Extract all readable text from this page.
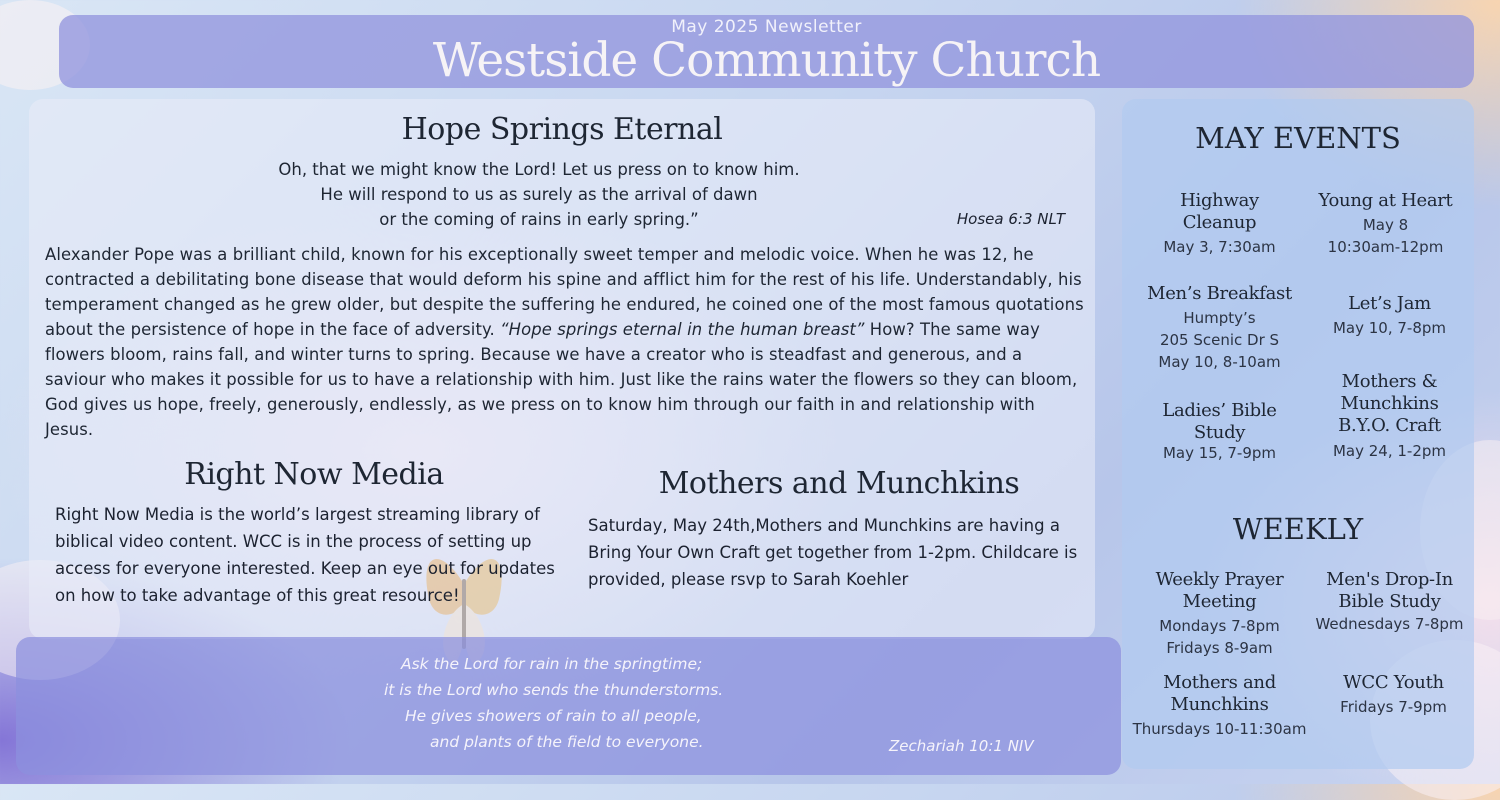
May 2025 Newsletter
Westside Community Church
Hope Springs Eternal
Oh, that we might know the Lord! Let us press on to know him.
He will respond to us as surely as the arrival of dawn
or the coming of rains in early spring.”	Hosea 6:3 NLT
Alexander Pope was a brilliant child, known for his exceptionally sweet temper and melodic voice. When he was 12, he contracted a debilitating bone disease that would deform his spine and afflict him for the rest of his life. Understandably, his temperament changed as he grew older, but despite the suffering he endured, he coined one of the most famous quotations about the persistence of hope in the face of adversity. “Hope springs eternal in the human breast” How? The same way flowers bloom, rains fall, and winter turns to spring. Because we have a creator who is steadfast and generous, and a saviour who makes it possible for us to have a relationship with him. Just like the rains water the flowers so they can bloom, God gives us hope, freely, generously, endlessly, as we press on to know him through our faith in and relationship with Jesus.
Right Now Media
Right Now Media is the world’s largest streaming library of biblical video content. WCC is in the process of setting up access for everyone interested. Keep an eye out for updates on how to take advantage of this great resource!
Mothers and Munchkins
Saturday, May 24th,Mothers and Munchkins are having a Bring Your Own Craft get together from 1-2pm. Childcare is provided, please rsvp to Sarah Koehler
Ask the Lord for rain in the springtime;
it is the Lord who sends the thunderstorms.
He gives showers of rain to all people,
and plants of the field to everyone.	Zechariah 10:1 NIV
MAY EVENTS
Highway Cleanup
May 3, 7:30am
Young at Heart
May 8
10:30am-12pm
Men’s Breakfast
Humpty’s
205 Scenic Dr S
May 10, 8-10am
Let’s Jam
May 10, 7-8pm
Ladies’ Bible Study
May 15, 7-9pm
Mothers & Munchkins B.Y.O. Craft
May 24, 1-2pm
WEEKLY
Weekly Prayer Meeting
Mondays 7-8pm
Fridays 8-9am
Men's Drop-In Bible Study
Wednesdays 7-8pm
Mothers and Munchkins
Thursdays 10-11:30am
WCC Youth
Fridays 7-9pm
